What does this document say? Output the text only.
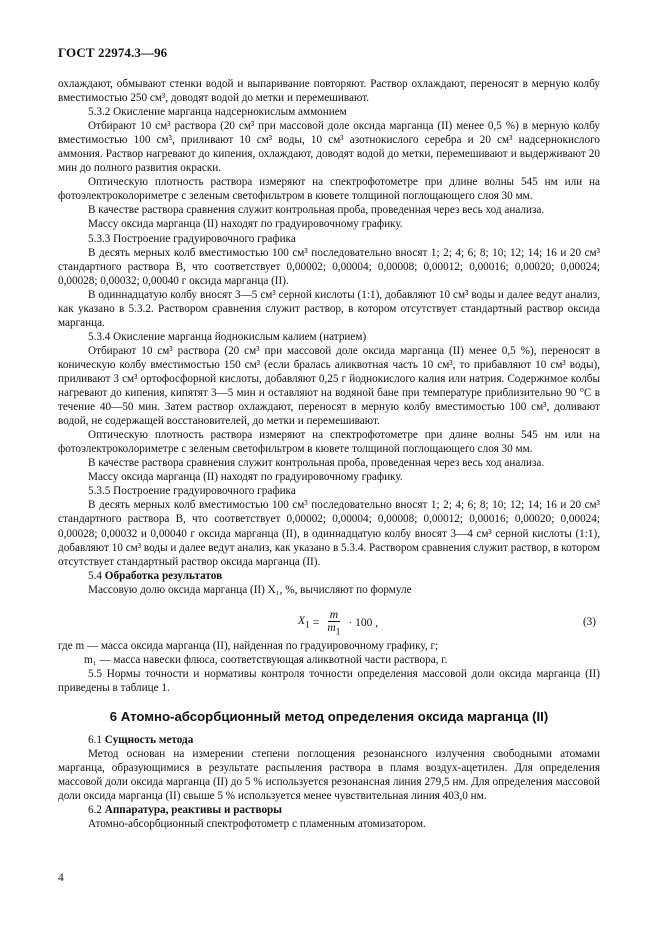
ГОСТ 22974.3—96

охлаждают, обмывают стенки водой и выпаривание повторяют. Раствор охлаждают, переносят в мерную колбу вместимостью 250 см³, доводят водой до метки и перемешивают.

5.3.2 Окисление марганца надсернокислым аммонием

Отбирают 10 см³ раствора (20 см³ при массовой доле оксида марганца (II) менее 0,5 %) в мерную колбу вместимостью 100 см³, приливают 10 см³ воды, 10 см³ азотнокислого серебра и 20 см³ надсернокислого аммония. Раствор нагревают до кипения, охлаждают, доводят водой до метки, перемешивают и выдерживают 20 мин до полного развития окраски.

Оптическую плотность раствора измеряют на спектрофотометре при длине волны 545 нм или на фотоэлектроколориметре с зеленым светофильтром в кювете толщиной поглощающего слоя 30 мм.

В качестве раствора сравнения служит контрольная проба, проведенная через весь ход анализа.

Массу оксида марганца (II) находят по градуировочному графику.

5.3.3 Построение градуировочного графика

В десять мерных колб вместимостью 100 см³ последовательно вносят 1; 2; 4; 6; 8; 10; 12; 14; 16 и 20 см³ стандартного раствора В, что соответствует 0,00002; 0,00004; 0,00008; 0,00012; 0,00016; 0,00020; 0,00024; 0,00028; 0,00032; 0,00040 г оксида марганца (II).

В одиннадцатую колбу вносят 3—5 см³ серной кислоты (1:1), добавляют 10 см³ воды и далее ведут анализ, как указано в 5.3.2. Раствором сравнения служит раствор, в котором отсутствует стандартный раствор оксида марганца.

5.3.4 Окисление марганца йоднокислым калием (натрием)

Отбирают 10 см³ раствора (20 см³ при массовой доле оксида марганца (II) менее 0,5 %), переносят в коническую колбу вместимостью 150 см³ (если бралась аликвотная часть 10 см³, то прибавляют 10 см³ воды), приливают 3 см³ ортофосфорной кислоты, добавляют 0,25 г йоднокислого калия или натрия. Содержимое колбы нагревают до кипения, кипятят 3—5 мин и оставляют на водяной бане при температуре приблизительно 90 °С в течение 40—50 мин. Затем раствор охлаждают, переносят в мерную колбу вместимостью 100 см³, доливают водой, не содержащей восстановителей, до метки и перемешивают.

Оптическую плотность раствора измеряют на спектрофотометре при длине волны 545 нм или на фотоэлектроколориметре с зеленым светофильтром в кювете толщиной поглощающего слоя 30 мм.

В качестве раствора сравнения служит контрольная проба, проведенная через весь ход анализа.

Массу оксида марганца (II) находят по градуировочному графику.

5.3.5 Построение градуировочного графика

В десять мерных колб вместимостью 100 см³ последовательно вносят 1; 2; 4; 6; 8; 10; 12; 14; 16 и 20 см³ стандартного раствора В, что соответствует 0,00002; 0,00004; 0,00008; 0,00012; 0,00016; 0,00020; 0,00024; 0,00028; 0,00032 и 0,00040 г оксида марганца (II), в одиннадцатую колбу вносят 3—4 см³ серной кислоты (1:1), добавляют 10 см³ воды и далее ведут анализ, как указано в 5.3.4. Раствором сравнения служит раствор, в котором отсутствует стандартный раствор оксида марганца (II).

5.4 Обработка результатов

Массовую долю оксида марганца (II) X₁, %, вычисляют по формуле

$X_1 = \frac{m}{m_1} \cdot 100$ ,	(3)

где m — масса оксида марганца (II), найденная по градуировочному графику, г;

m₁ — масса навески флюса, соответствующая аликвотной части раствора, г.

5.5 Нормы точности и нормативы контроля точности определения массовой доли оксида марганца (II) приведены в таблице 1.

6 Атомно-абсорбционный метод определения оксида марганца (II)

6.1 Сущность метода

Метод основан на измерении степени поглощения резонансного излучения свободными атомами марганца, образующимися в результате распыления раствора в пламя воздух-ацетилен. Для определения массовой доли оксида марганца (II) до 5 % используется резонансная линия 279,5 нм. Для определения массовой доли оксида марганца (II) свыше 5 % используется менее чувствительная линия 403,0 нм.

6.2 Аппаратура, реактивы и растворы

Атомно-абсорбционный спектрофотометр с пламенным атомизатором.

4
